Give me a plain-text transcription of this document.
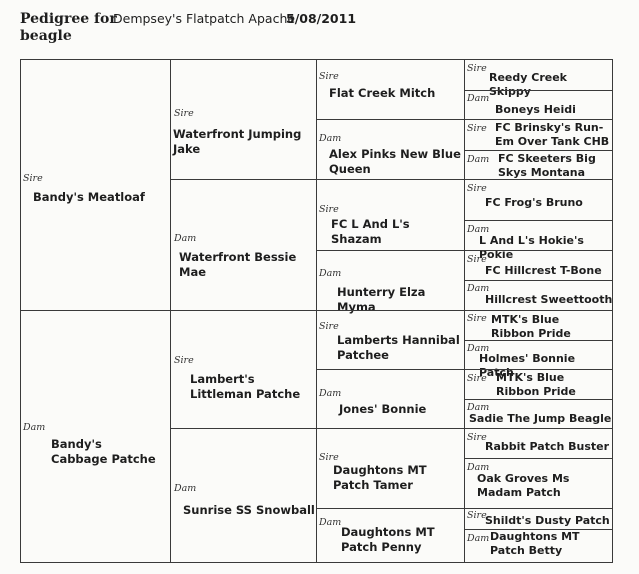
Pedigree for
Dempsey's Flatpatch Apache
5/08/2011
beagle
Sire
Bandy's Meatloaf
Dam
Bandy's Cabbage Patche
Sire
Waterfront Jumping Jake
Dam
Waterfront Bessie Mae
Sire
Lambert's Littleman Patche
Dam
Sunrise SS Snowball
Sire
Flat Creek Mitch
Dam
Alex Pinks New Blue Queen
Sire
FC L And L's Shazam
Dam
Hunterry Elza Myma
Sire
Lamberts Hannibal Patchee
Dam
Jones' Bonnie
Sire
Daughtons MT Patch Tamer
Dam
Daughtons MT Patch Penny
Sire
Reedy Creek Skippy
Dam
Boneys Heidi
Sire FC Brinsky's Run-Em Over Tank CHB
Dam FC Skeeters Big Skys Montana
Sire
FC Frog's Bruno
Dam
L And L's Hokie's Pokie
Sire
FC Hillcrest T-Bone
Dam
Hillcrest Sweettooth
Sire MTK's Blue Ribbon Pride
Dam
Holmes' Bonnie Patch
Sire MTK's Blue Ribbon Pride
Dam
Sadie The Jump Beagle
Sire
Rabbit Patch Buster
Dam
Oak Groves Ms Madam Patch
Sire
Shildt's Dusty Patch
Dam Daughtons MT Patch Betty
